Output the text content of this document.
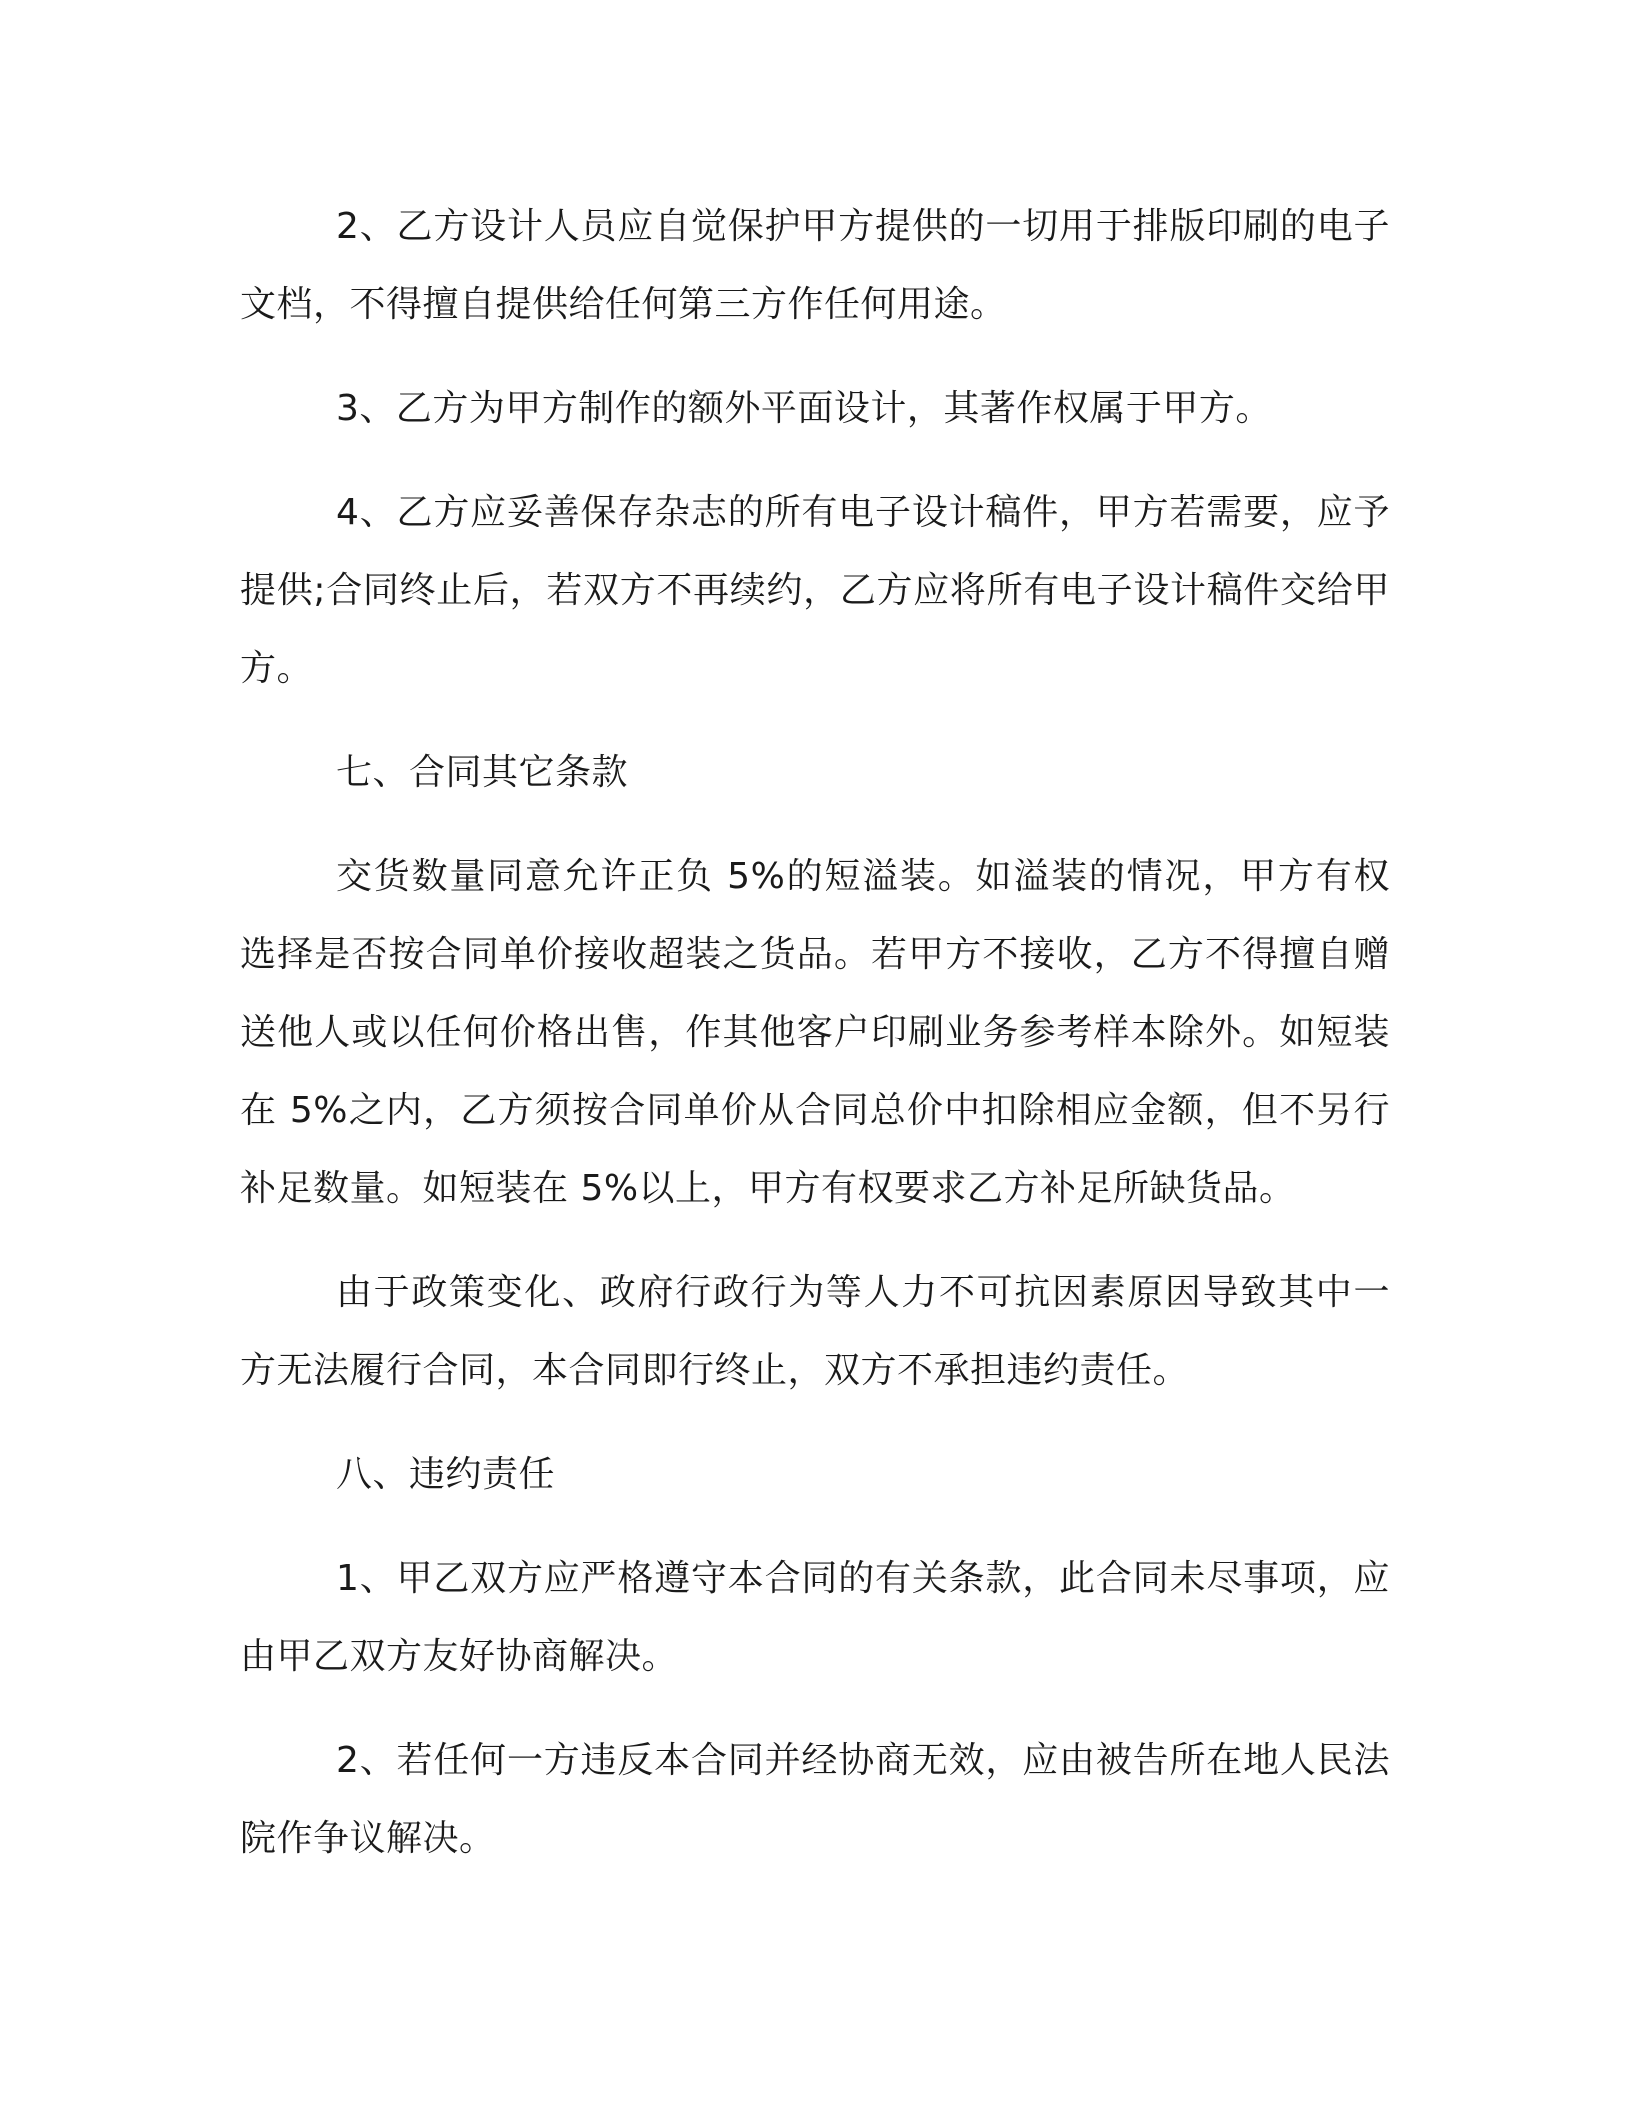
2、乙方设计人员应自觉保护甲方提供的一切用于排版印刷的电子文档，不得擅自提供给任何第三方作任何用途。

3、乙方为甲方制作的额外平面设计，其著作权属于甲方。

4、乙方应妥善保存杂志的所有电子设计稿件，甲方若需要，应予提供;合同终止后，若双方不再续约，乙方应将所有电子设计稿件交给甲方。

七、合同其它条款

交货数量同意允许正负 5%的短溢装。如溢装的情况，甲方有权选择是否按合同单价接收超装之货品。若甲方不接收，乙方不得擅自赠送他人或以任何价格出售，作其他客户印刷业务参考样本除外。如短装在 5%之内，乙方须按合同单价从合同总价中扣除相应金额，但不另行补足数量。如短装在 5%以上，甲方有权要求乙方补足所缺货品。

由于政策变化、政府行政行为等人力不可抗因素原因导致其中一方无法履行合同，本合同即行终止，双方不承担违约责任。

八、违约责任

1、甲乙双方应严格遵守本合同的有关条款，此合同未尽事项，应由甲乙双方友好协商解决。

2、若任何一方违反本合同并经协商无效，应由被告所在地人民法院作争议解决。
